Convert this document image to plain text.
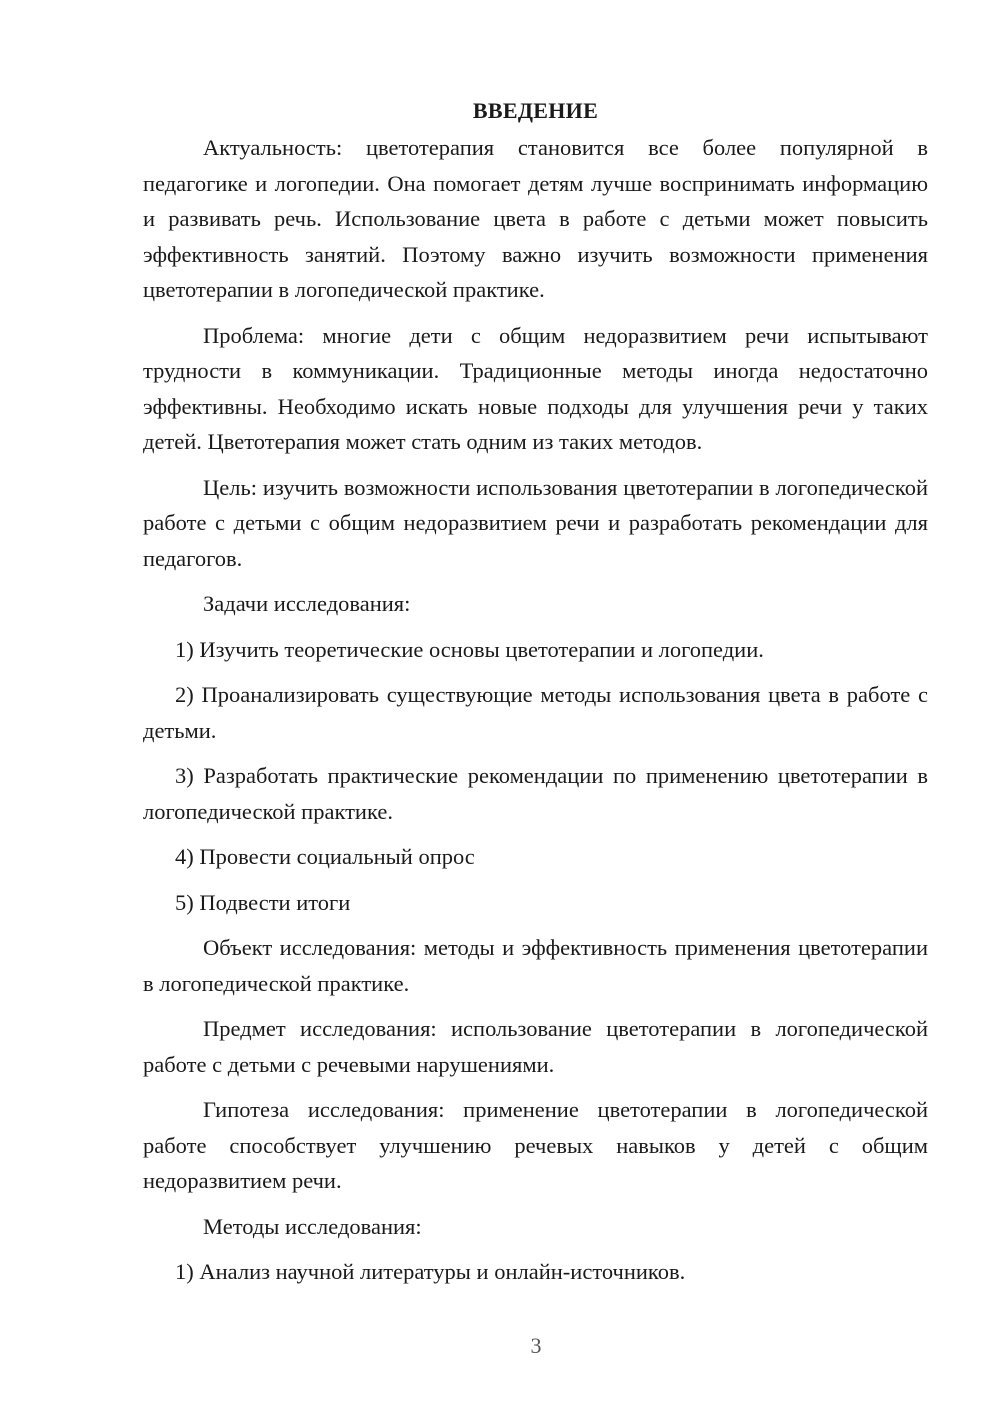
ВВЕДЕНИЕ

Актуальность: цветотерапия становится все более популярной в педагогике и логопедии. Она помогает детям лучше воспринимать информацию и развивать речь. Использование цвета в работе с детьми может повысить эффективность занятий. Поэтому важно изучить возможности применения цветотерапии в логопедической практике.

Проблема: многие дети с общим недоразвитием речи испытывают трудности в коммуникации. Традиционные методы иногда недостаточно эффективны. Необходимо искать новые подходы для улучшения речи у таких детей. Цветотерапия может стать одним из таких методов.

Цель: изучить возможности использования цветотерапии в логопедической работе с детьми с общим недоразвитием речи и разработать рекомендации для педагогов.

Задачи исследования:

1) Изучить теоретические основы цветотерапии и логопедии.

2) Проанализировать существующие методы использования цвета в работе с детьми.

3) Разработать практические рекомендации по применению цветотерапии в логопедической практике.

4) Провести социальный опрос

5) Подвести итоги

Объект исследования: методы и эффективность применения цветотерапии в логопедической практике.

Предмет исследования: использование цветотерапии в логопедической работе с детьми с речевыми нарушениями.

Гипотеза исследования: применение цветотерапии в логопедической работе способствует улучшению речевых навыков у детей с общим недоразвитием речи.

Методы исследования:

1) Анализ научной литературы и онлайн-источников.

3
